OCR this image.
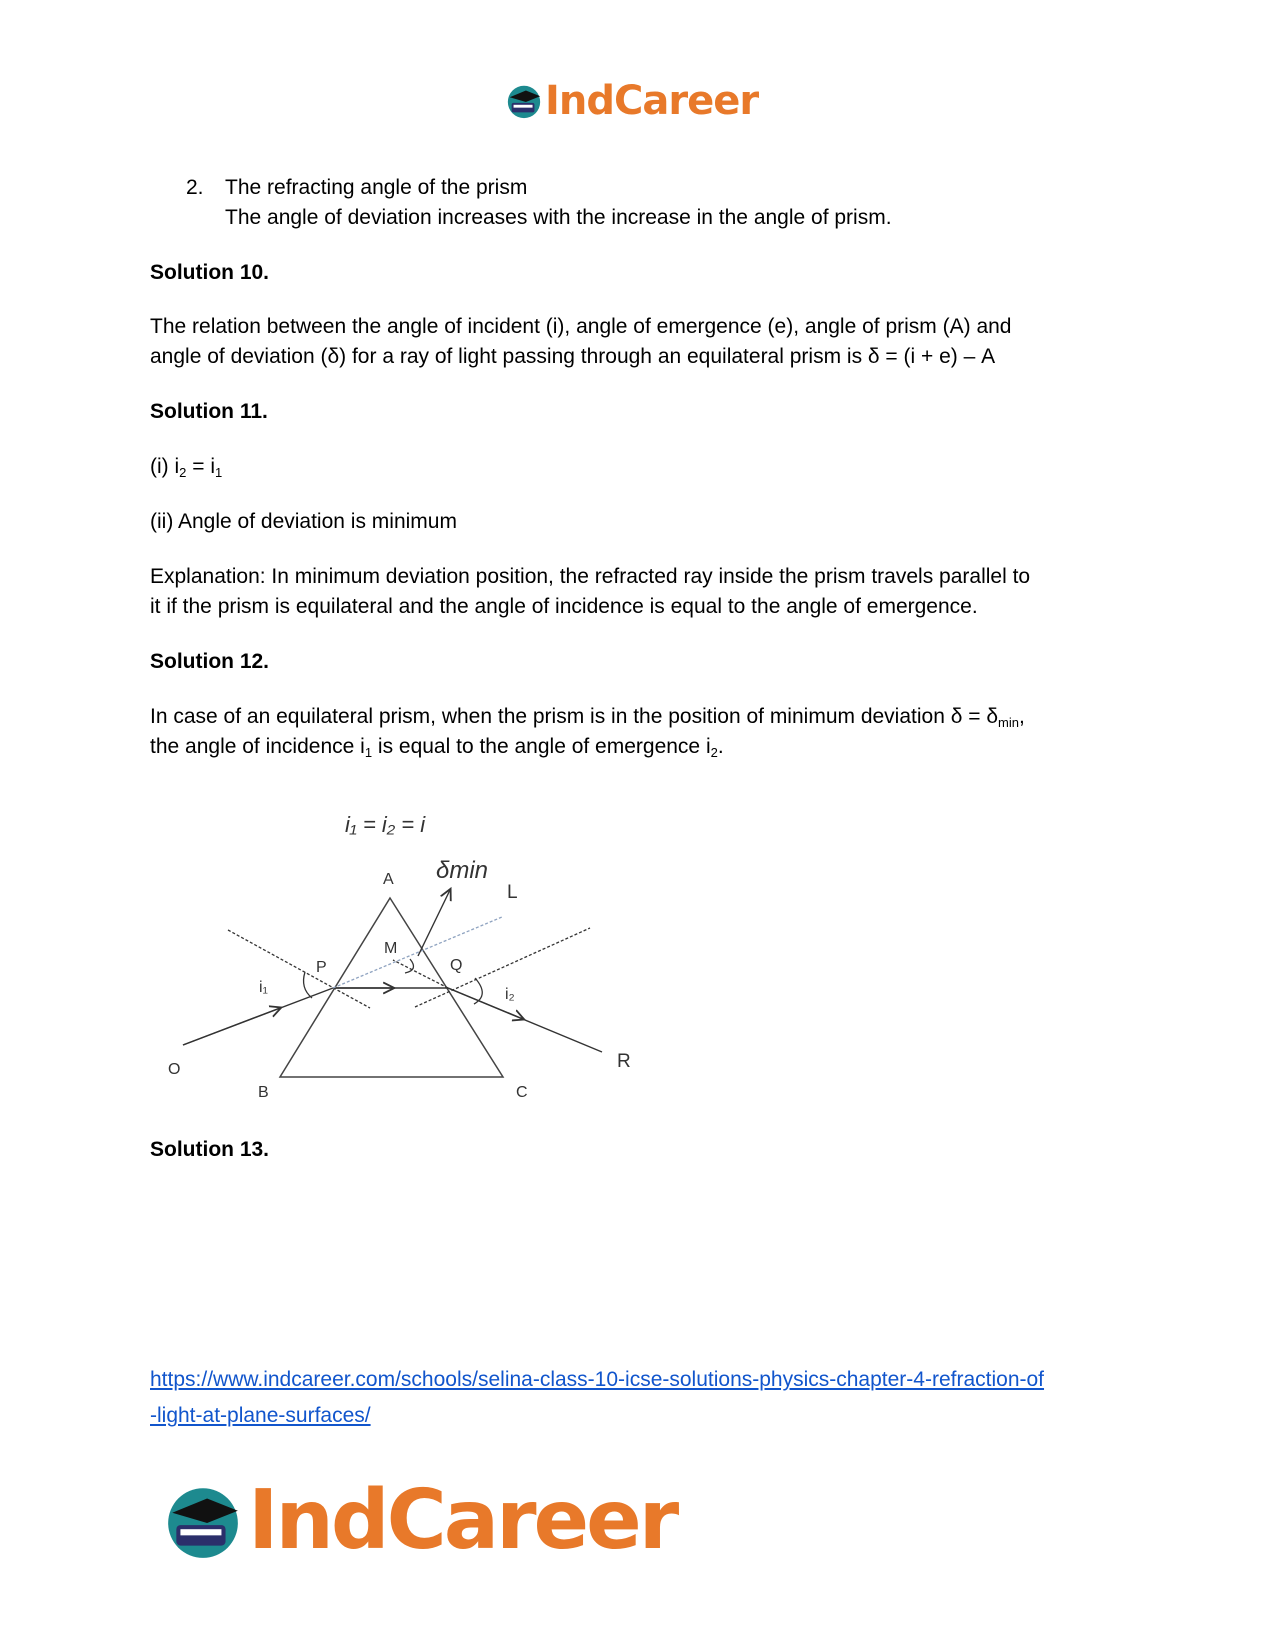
IndCareer
2. The refracting angle of the prism
The angle of deviation increases with the increase in the angle of prism.

Solution 10.

The relation between the angle of incident (i), angle of emergence (e), angle of prism (A) and

angle of deviation (δ) for a ray of light passing through an equilateral prism is δ = (i + e) – A

Solution 11.

(i) $i_2 = i_1$

(ii) Angle of deviation is minimum

Explanation: In minimum deviation position, the refracted ray inside the prism travels parallel to

it if the prism is equilateral and the angle of incidence is equal to the angle of emergence.

Solution 12.

In case of an equilateral prism, when the prism is in the position of minimum deviation $\delta = \delta_{min}$,

the angle of incidence $i_1$ is equal to the angle of emergence $i_2$.

i₁ = i₂ = i
δmin
A
B	C
P	Q
M
L
O	R
i₁	i₂

Solution 13.

https://www.indcareer.com/schools/selina-class-10-icse-solutions-physics-chapter-4-refraction-of
-light-at-plane-surfaces/
IndCareer
